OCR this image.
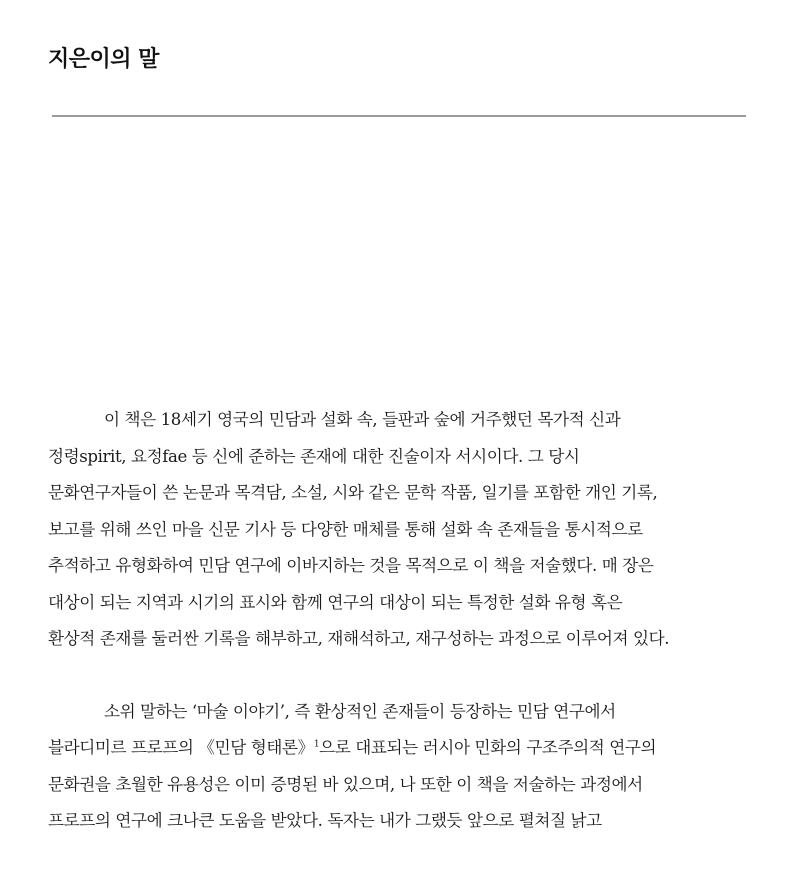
지은이의 말
이 책은 18세기 영국의 민담과 설화 속, 들판과 숲에 거주했던 목가적 신과
정령spirit, 요정fae 등 신에 준하는 존재에 대한 진술이자 서시이다. 그 당시
문화연구자들이 쓴 논문과 목격담, 소설, 시와 같은 문학 작품, 일기를 포함한 개인 기록,
보고를 위해 쓰인 마을 신문 기사 등 다양한 매체를 통해 설화 속 존재들을 통시적으로
추적하고 유형화하여 민담 연구에 이바지하는 것을 목적으로 이 책을 저술했다. 매 장은
대상이 되는 지역과 시기의 표시와 함께 연구의 대상이 되는 특정한 설화 유형 혹은
환상적 존재를 둘러싼 기록을 해부하고, 재해석하고, 재구성하는 과정으로 이루어져 있다.
소위 말하는 ‘마술 이야기’, 즉 환상적인 존재들이 등장하는 민담 연구에서
블라디미르 프로프의 《민담 형태론》$^1$으로 대표되는 러시아 민화의 구조주의적 연구의
문화권을 초월한 유용성은 이미 증명된 바 있으며, 나 또한 이 책을 저술하는 과정에서
프로프의 연구에 크나큰 도움을 받았다. 독자는 내가 그랬듯 앞으로 펼쳐질 낡고
